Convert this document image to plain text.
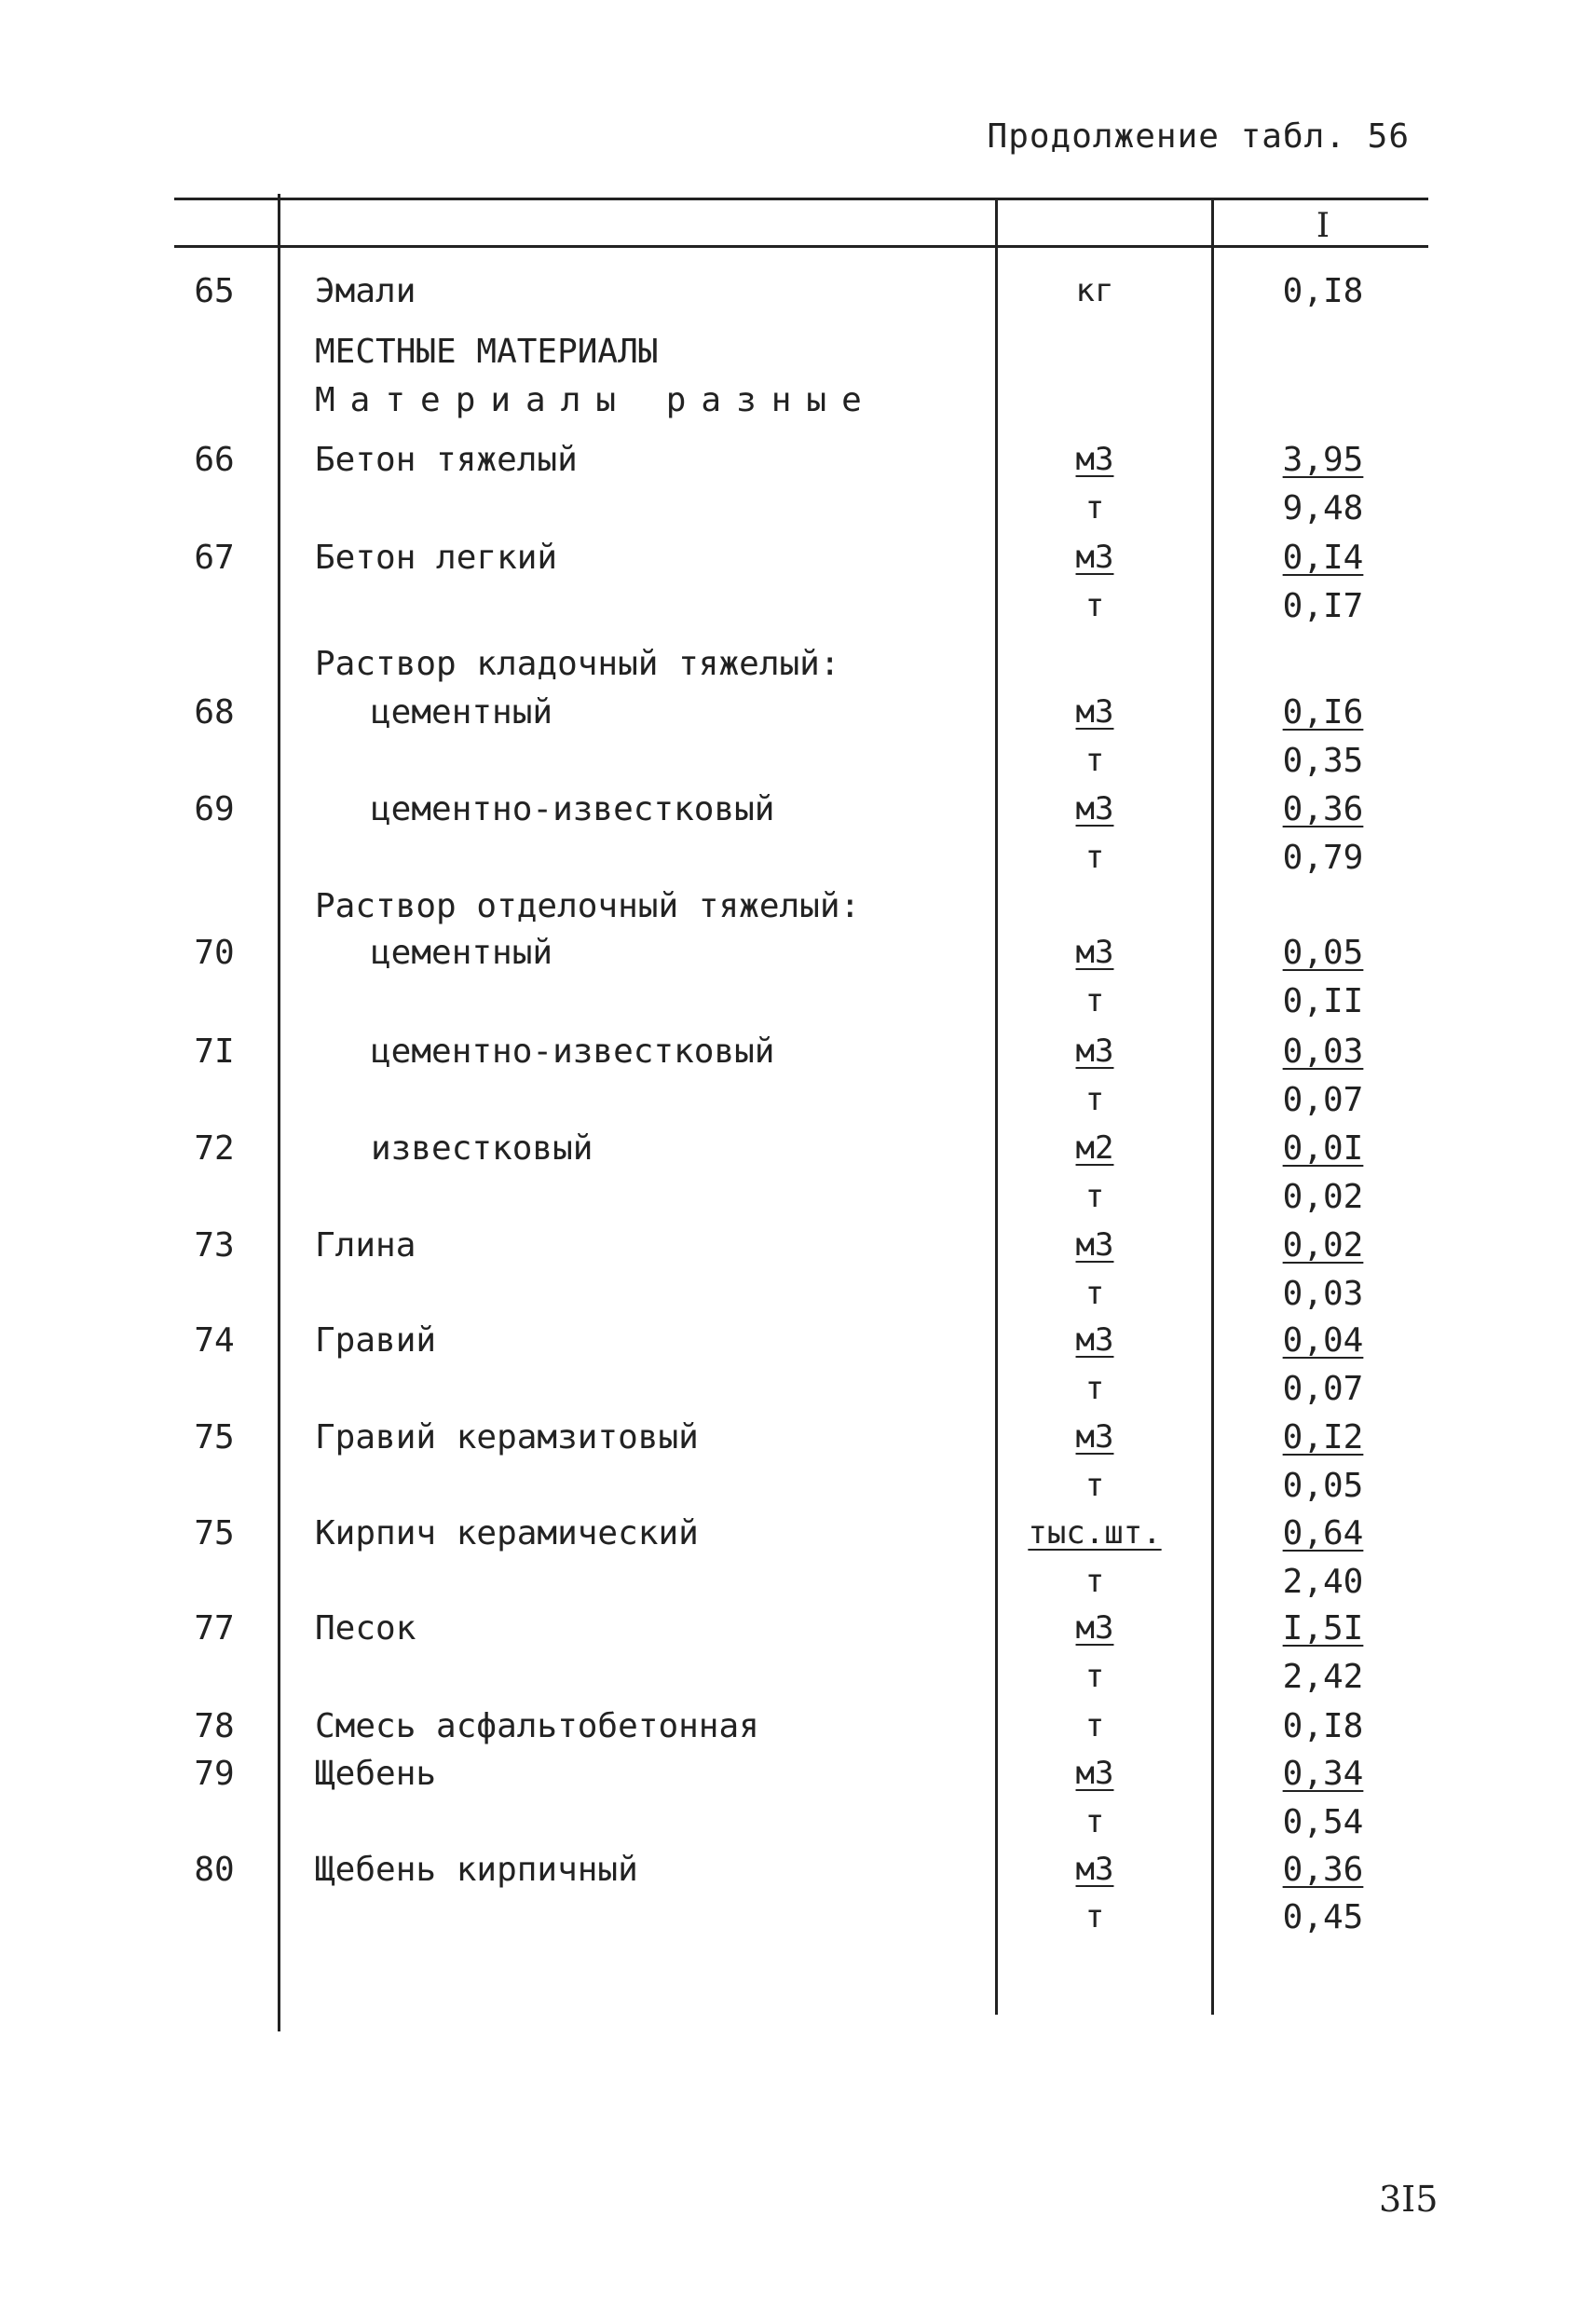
Продолжение табл. 56
I
65	Эмали	кг	0,I8
МЕСТНЫЕ МАТЕРИАЛЫ
Материалы разные
66	Бетон тяжелый	м3	3,95
т	9,48
67	Бетон легкий	м3	0,I4
т	0,I7
Раствор кладочный тяжелый:
68	цементный	м3	0,I6
т	0,35
69	цементно-известковый	м3	0,36
т	0,79
Раствор отделочный тяжелый:
70	цементный	м3	0,05
т	0,II
7I	цементно-известковый	м3	0,03
т	0,07
72	известковый	м2	0,0I
т	0,02
73	Глина	м3	0,02
т	0,03
74	Гравий	м3	0,04
т	0,07
75	Гравий керамзитовый	м3	0,I2
т	0,05
75	Кирпич керамический	тыс.шт.	0,64
т	2,40
77	Песок	м3	I,5I
т	2,42
78	Смесь асфальтобетонная	т	0,I8
79	Щебень	м3	0,34
т	0,54
80	Щебень кирпичный	м3	0,36
т	0,45
3I5
